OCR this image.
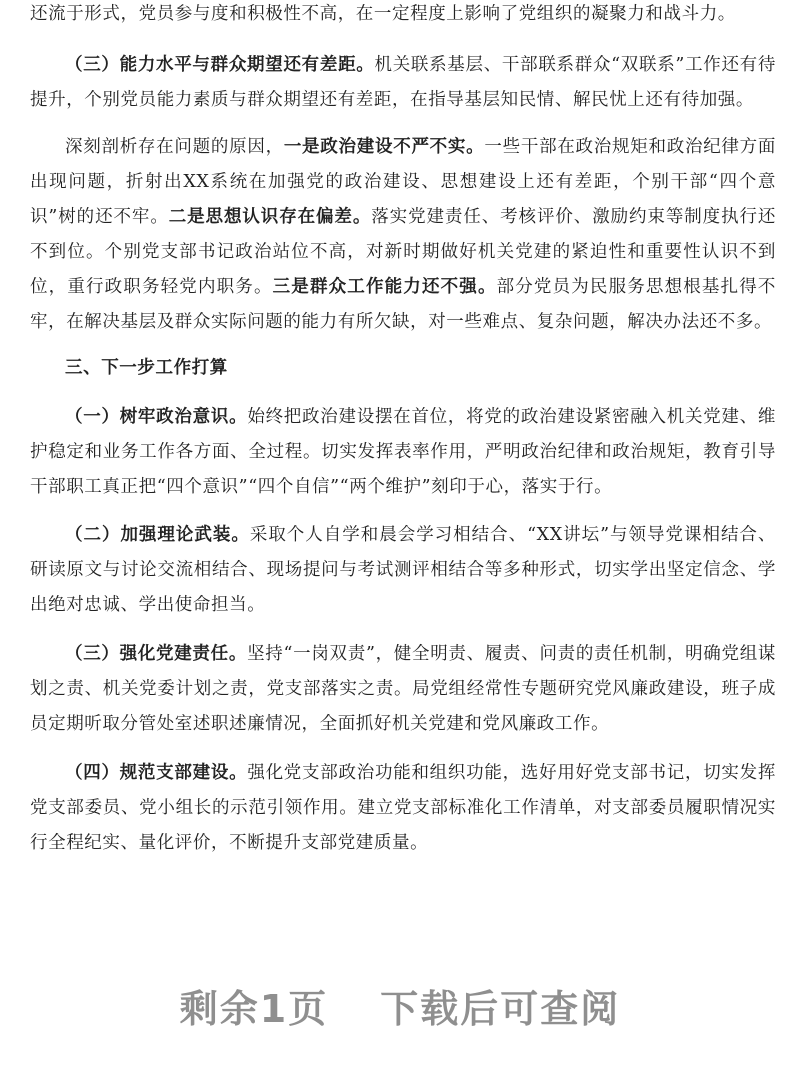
还流于形式，党员参与度和积极性不高，在一定程度上影响了党组织的凝聚力和战斗力。

（三）能力水平与群众期望还有差距。机关联系基层、干部联系群众“双联系”工作还有待提升，个别党员能力素质与群众期望还有差距，在指导基层知民情、解民忧上还有待加强。

深刻剖析存在问题的原因，一是政治建设不严不实。一些干部在政治规矩和政治纪律方面出现问题，折射出XX系统在加强党的政治建设、思想建设上还有差距，个别干部“四个意识”树的还不牢。二是思想认识存在偏差。落实党建责任、考核评价、激励约束等制度执行还不到位。个别党支部书记政治站位不高，对新时期做好机关党建的紧迫性和重要性认识不到位，重行政职务轻党内职务。三是群众工作能力还不强。部分党员为民服务思想根基扎得不牢，在解决基层及群众实际问题的能力有所欠缺，对一些难点、复杂问题，解决办法还不多。

三、下一步工作打算

（一）树牢政治意识。始终把政治建设摆在首位，将党的政治建设紧密融入机关党建、维护稳定和业务工作各方面、全过程。切实发挥表率作用，严明政治纪律和政治规矩，教育引导干部职工真正把“四个意识”“四个自信”“两个维护”刻印于心，落实于行。

（二）加强理论武装。采取个人自学和晨会学习相结合、“XX讲坛”与领导党课相结合、研读原文与讨论交流相结合、现场提问与考试测评相结合等多种形式，切实学出坚定信念、学出绝对忠诚、学出使命担当。

（三）强化党建责任。坚持“一岗双责”，健全明责、履责、问责的责任机制，明确党组谋划之责、机关党委计划之责，党支部落实之责。局党组经常性专题研究党风廉政建设，班子成员定期听取分管处室述职述廉情况，全面抓好机关党建和党风廉政工作。

（四）规范支部建设。强化党支部政治功能和组织功能，选好用好党支部书记，切实发挥党支部委员、党小组长的示范引领作用。建立党支部标准化工作清单，对支部委员履职情况实行全程纪实、量化评价，不断提升支部党建质量。

剩余1页 下载后可查阅
